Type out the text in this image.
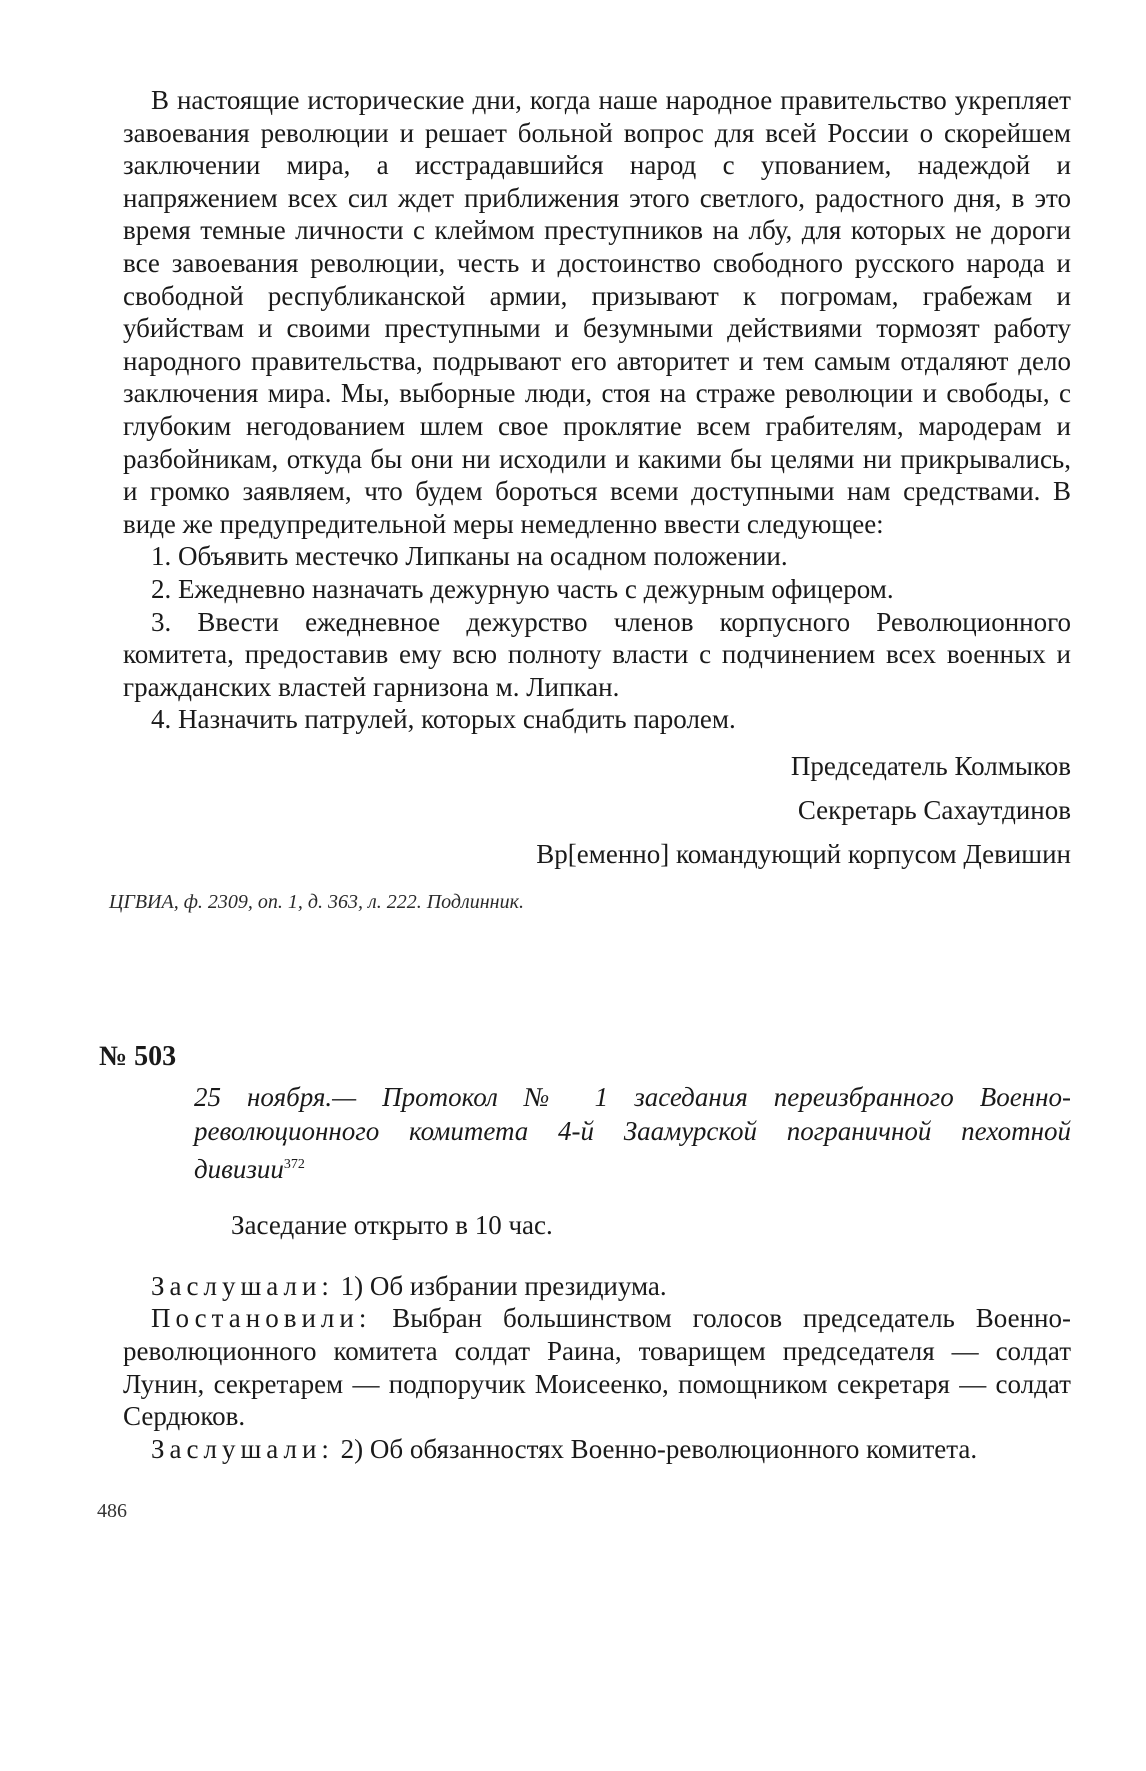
В настоящие исторические дни, когда наше народное правительство укрепляет завоевания революции и решает больной вопрос для всей России о скорейшем заключении мира, а исстрадавшийся народ с упованием, надеждой и напряжением всех сил ждет приближения этого светлого, радостного дня, в это время темные личности с клеймом преступников на лбу, для которых не дороги все завоевания революции, честь и достоинство свободного русского народа и свободной республиканской армии, призывают к погромам, грабежам и убийствам и своими преступными и безумными действиями тормозят работу народного правительства, подрывают его авторитет и тем самым отдаляют дело заключения мира. Мы, выборные люди, стоя на страже революции и свободы, с глубоким негодованием шлем свое проклятие всем грабителям, мародерам и разбойникам, откуда бы они ни исходили и какими бы целями ни прикрывались, и громко заявляем, что будем бороться всеми доступными нам средствами. В виде же предупредительной меры немедленно ввести следующее:

1. Объявить местечко Липканы на осадном положении.

2. Ежедневно назначать дежурную часть с дежурным офицером.

3. Ввести ежедневное дежурство членов корпусного Революционного комитета, предоставив ему всю полноту власти с подчинением всех военных и гражданских властей гарнизона м. Липкан.

4. Назначить патрулей, которых снабдить паролем.

Председатель Колмыков

Секретарь Сахаутдинов

Вр[еменно] командующий корпусом Девишин

ЦГВИА, ф. 2309, оп. 1, д. 363, л. 222. Подлинник.

№ 503

25 ноября.— Протокол № 1 заседания переизбранного Военно-революционного комитета 4-й Заамурской пограничной пехотной дивизии$^{372}$

Заседание открыто в 10 час.

Заслушали: 1) Об избрании президиума.

Постановили: Выбран большинством голосов председатель Военно-революционного комитета солдат Раина, товарищем председателя — солдат Лунин, секретарем — подпоручик Моисеенко, помощником секретаря — солдат Сердюков.

Заслушали: 2) Об обязанностях Военно-революционного комитета.

486
